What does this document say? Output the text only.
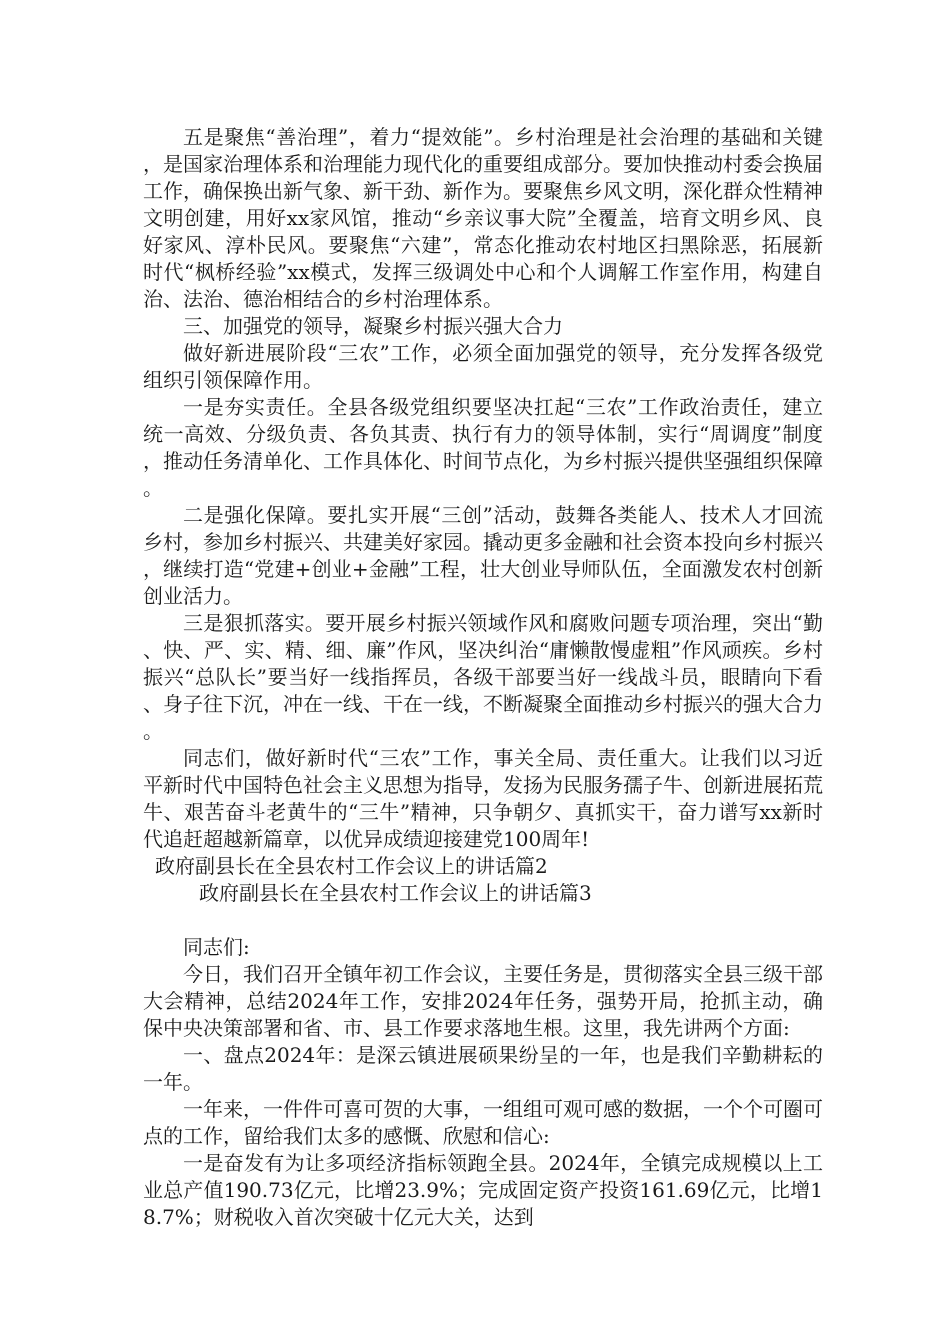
五是聚焦“善治理”，着力“提效能”。乡村治理是社会治理的基础和关键，是国家治理体系和治理能力现代化的重要组成部分。要加快推动村委会换届工作，确保换出新气象、新干劲、新作为。要聚焦乡风文明，深化群众性精神文明创建，用好xx家风馆，推动“乡亲议事大院”全覆盖，培育文明乡风、良好家风、淳朴民风。要聚焦“六建”，常态化推动农村地区扫黑除恶，拓展新时代“枫桥经验”xx模式，发挥三级调处中心和个人调解工作室作用，构建自治、法治、德治相结合的乡村治理体系。

三、加强党的领导，凝聚乡村振兴强大合力

做好新进展阶段“三农”工作，必须全面加强党的领导，充分发挥各级党组织引领保障作用。

一是夯实责任。全县各级党组织要坚决扛起“三农”工作政治责任，建立统一高效、分级负责、各负其责、执行有力的领导体制，实行“周调度”制度，推动任务清单化、工作具体化、时间节点化，为乡村振兴提供坚强组织保障。

二是强化保障。要扎实开展“三创”活动，鼓舞各类能人、技术人才回流乡村，参加乡村振兴、共建美好家园。撬动更多金融和社会资本投向乡村振兴，继续打造“党建+创业+金融”工程，壮大创业导师队伍，全面激发农村创新创业活力。

三是狠抓落实。要开展乡村振兴领域作风和腐败问题专项治理，突出“勤、快、严、实、精、细、廉”作风，坚决纠治“庸懒散慢虚粗”作风顽疾。乡村振兴“总队长”要当好一线指挥员，各级干部要当好一线战斗员，眼睛向下看、身子往下沉，冲在一线、干在一线，不断凝聚全面推动乡村振兴的强大合力。

同志们，做好新时代“三农”工作，事关全局、责任重大。让我们以习近平新时代中国特色社会主义思想为指导，发扬为民服务孺子牛、创新进展拓荒牛、艰苦奋斗老黄牛的“三牛”精神，只争朝夕、真抓实干，奋力谱写xx新时代追赶超越新篇章，以优异成绩迎接建党100周年!

政府副县长在全县农村工作会议上的讲话篇2

政府副县长在全县农村工作会议上的讲话篇3

同志们:

今日，我们召开全镇年初工作会议，主要任务是，贯彻落实全县三级干部大会精神，总结2024年工作，安排2024年任务，强势开局，抢抓主动，确保中央决策部署和省、市、县工作要求落地生根。这里，我先讲两个方面:

一、盘点2024年：是深云镇进展硕果纷呈的一年，也是我们辛勤耕耘的一年。

一年来，一件件可喜可贺的大事，一组组可观可感的数据，一个个可圈可点的工作，留给我们太多的感慨、欣慰和信心:

一是奋发有为让多项经济指标领跑全县。2024年，全镇完成规模以上工业总产值190.73亿元，比增23.9%；完成固定资产投资161.69亿元，比增18.7%；财税收入首次突破十亿元大关，达到
